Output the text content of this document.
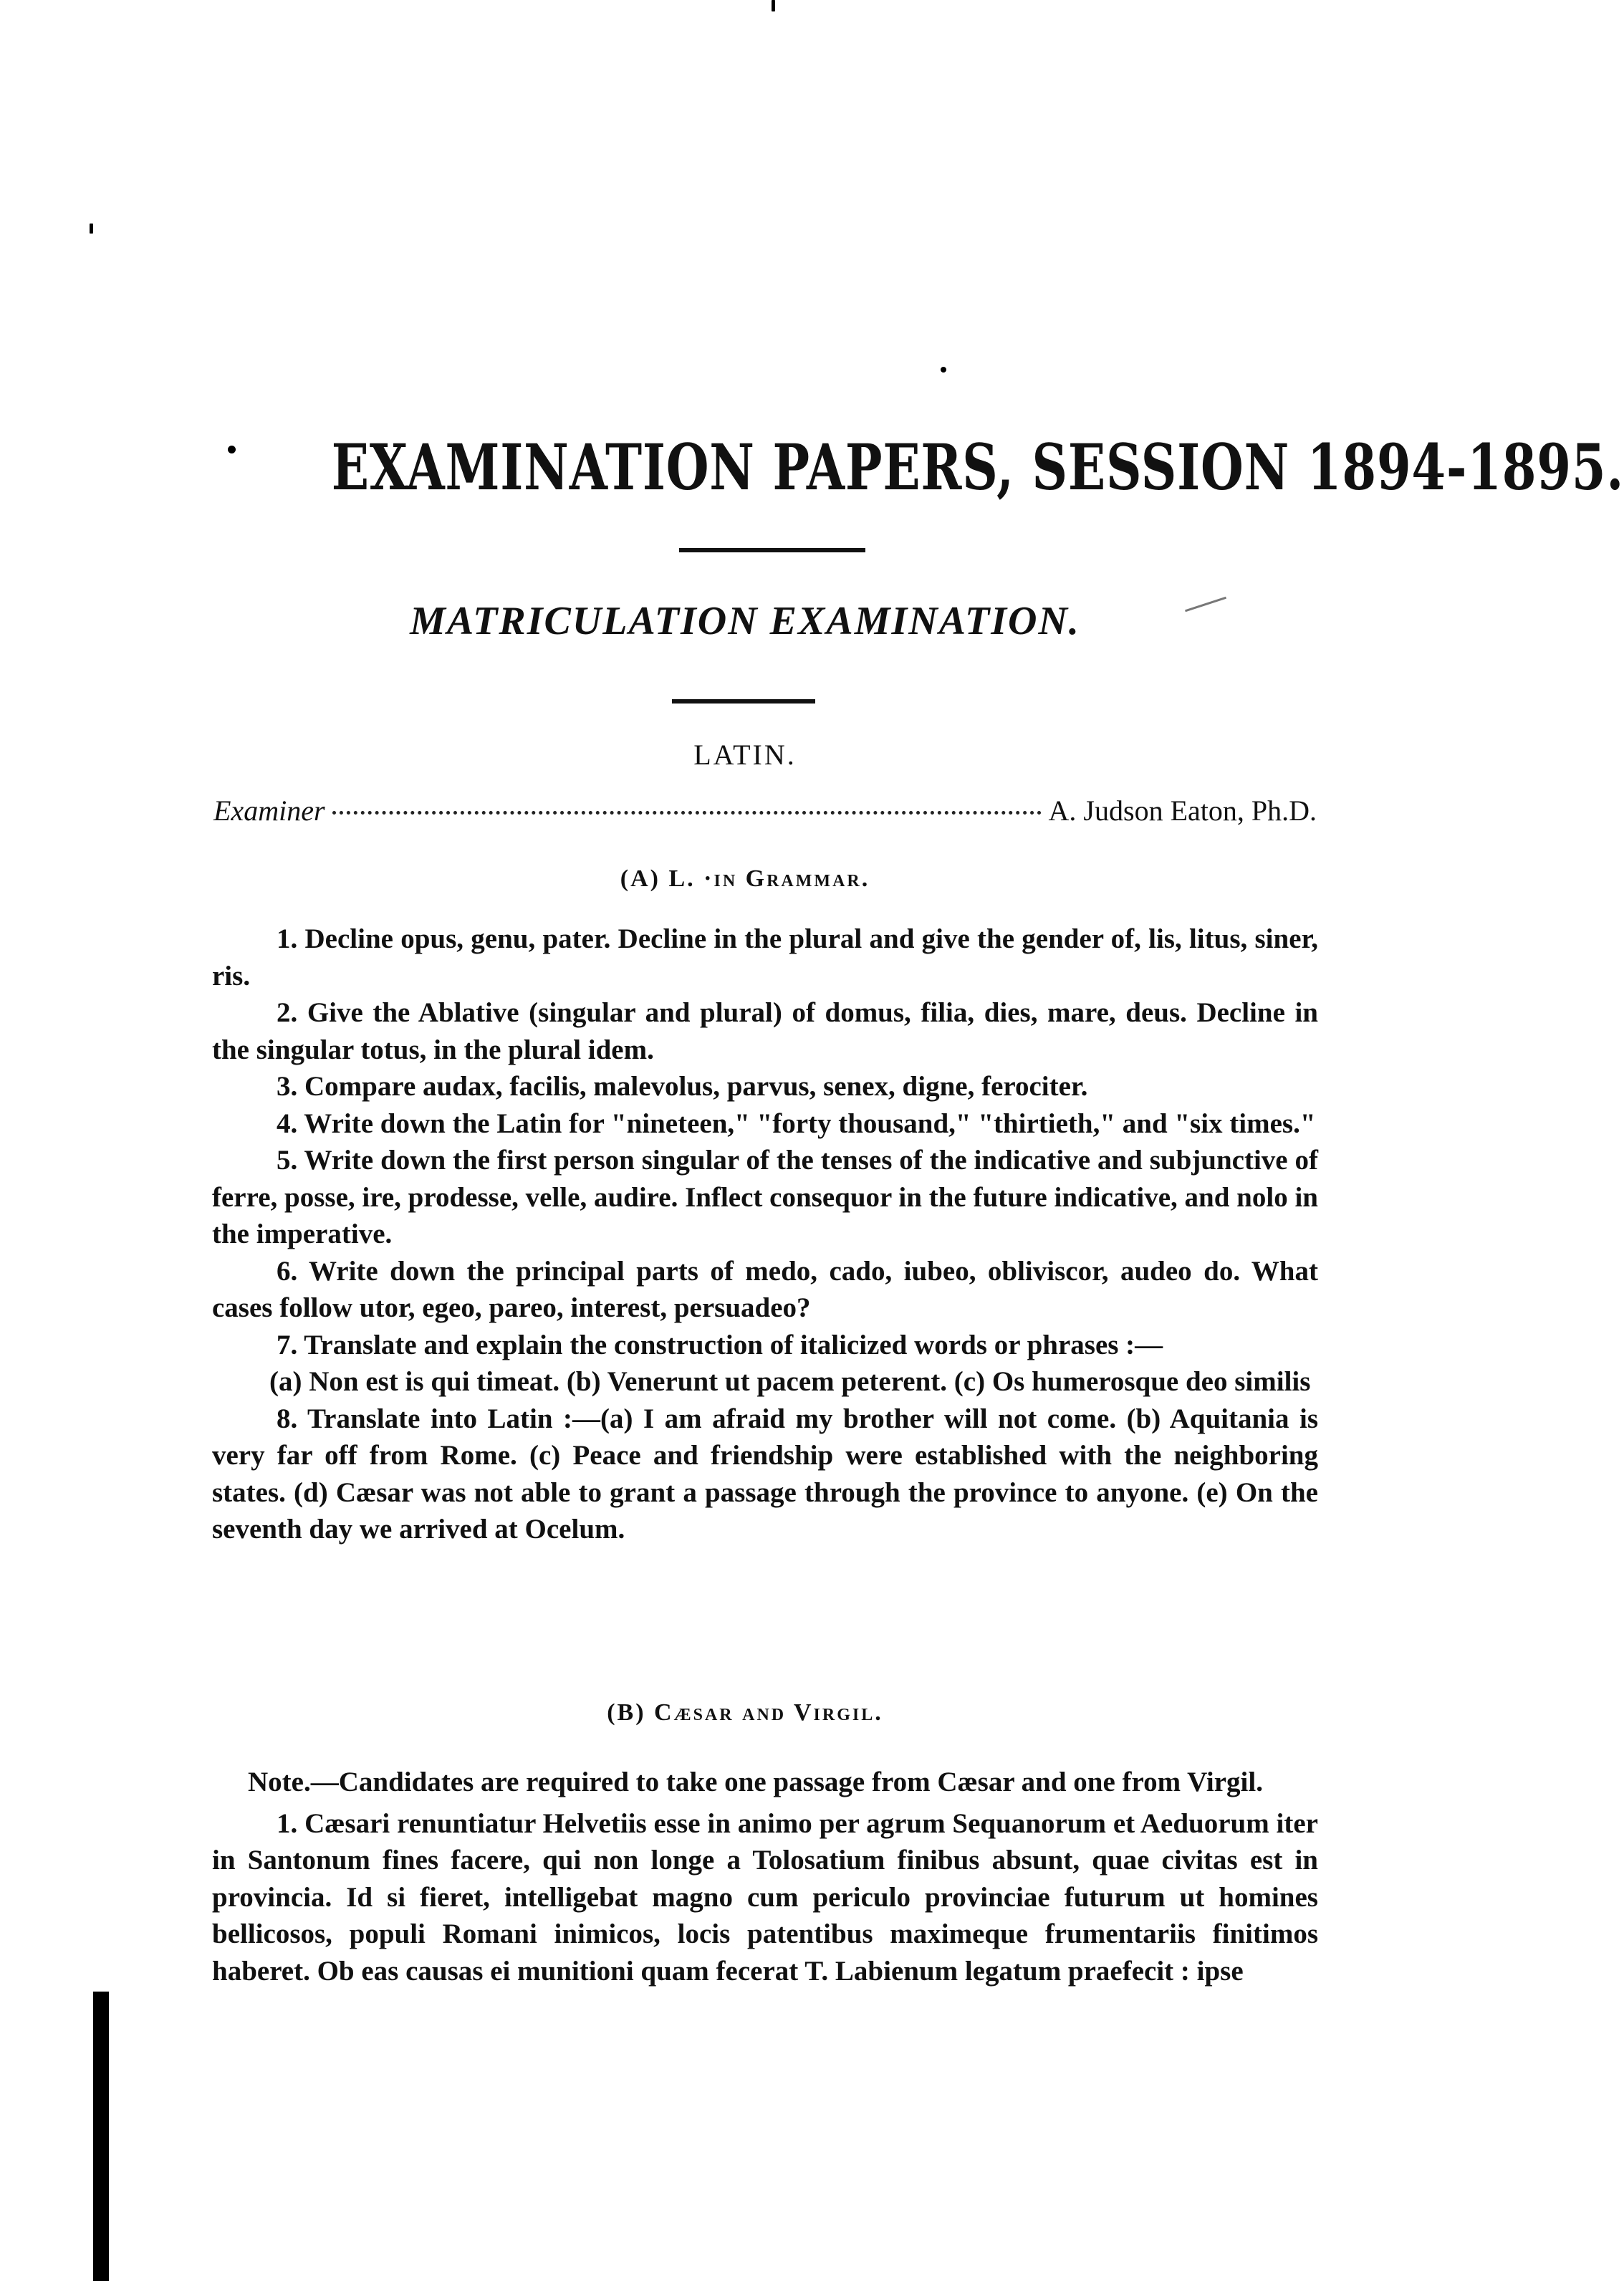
EXAMINATION PAPERS, SESSION 1894-1895.
MATRICULATION EXAMINATION.
LATIN.
Examiner	A. Judson Eaton, Ph.D.
(A) L. ·in Grammar.

1. Decline opus, genu, pater. Decline in the plural and give the gender of, lis, litus, siner, ris.

2. Give the Ablative (singular and plural) of domus, filia, dies, mare, deus. Decline in the singular totus, in the plural idem.

3. Compare audax, facilis, malevolus, parvus, senex, digne, ferociter.

4. Write down the Latin for "nineteen," "forty thousand," "thirtieth," and "six times."

5. Write down the first person singular of the tenses of the indicative and subjunctive of ferre, posse, ire, prodesse, velle, audire. Inflect consequor in the future indicative, and nolo in the imperative.

6. Write down the principal parts of medo, cado, iubeo, obliviscor, audeo do. What cases follow utor, egeo, pareo, interest, persuadeo?

7. Translate and explain the construction of italicized words or phrases :—

(a) Non est is qui timeat. (b) Venerunt ut pacem peterent. (c) Os humerosque deo similis

8. Translate into Latin :—(a) I am afraid my brother will not come. (b) Aquitania is very far off from Rome. (c) Peace and friendship were established with the neighboring states. (d) Cæsar was not able to grant a passage through the province to anyone. (e) On the seventh day we arrived at Ocelum.

(B) Cæsar and Virgil.

Note.—Candidates are required to take one passage from Cæsar and one from Virgil.

1. Cæsari renuntiatur Helvetiis esse in animo per agrum Sequanorum et Aeduorum iter in Santonum fines facere, qui non longe a Tolosatium finibus absunt, quae civitas est in provincia. Id si fieret, intelligebat magno cum periculo provinciae futurum ut homines bellicosos, populi Romani inimicos, locis patentibus maximeque frumentariis finitimos haberet. Ob eas causas ei munitioni quam fecerat T. Labienum legatum praefecit : ipse
